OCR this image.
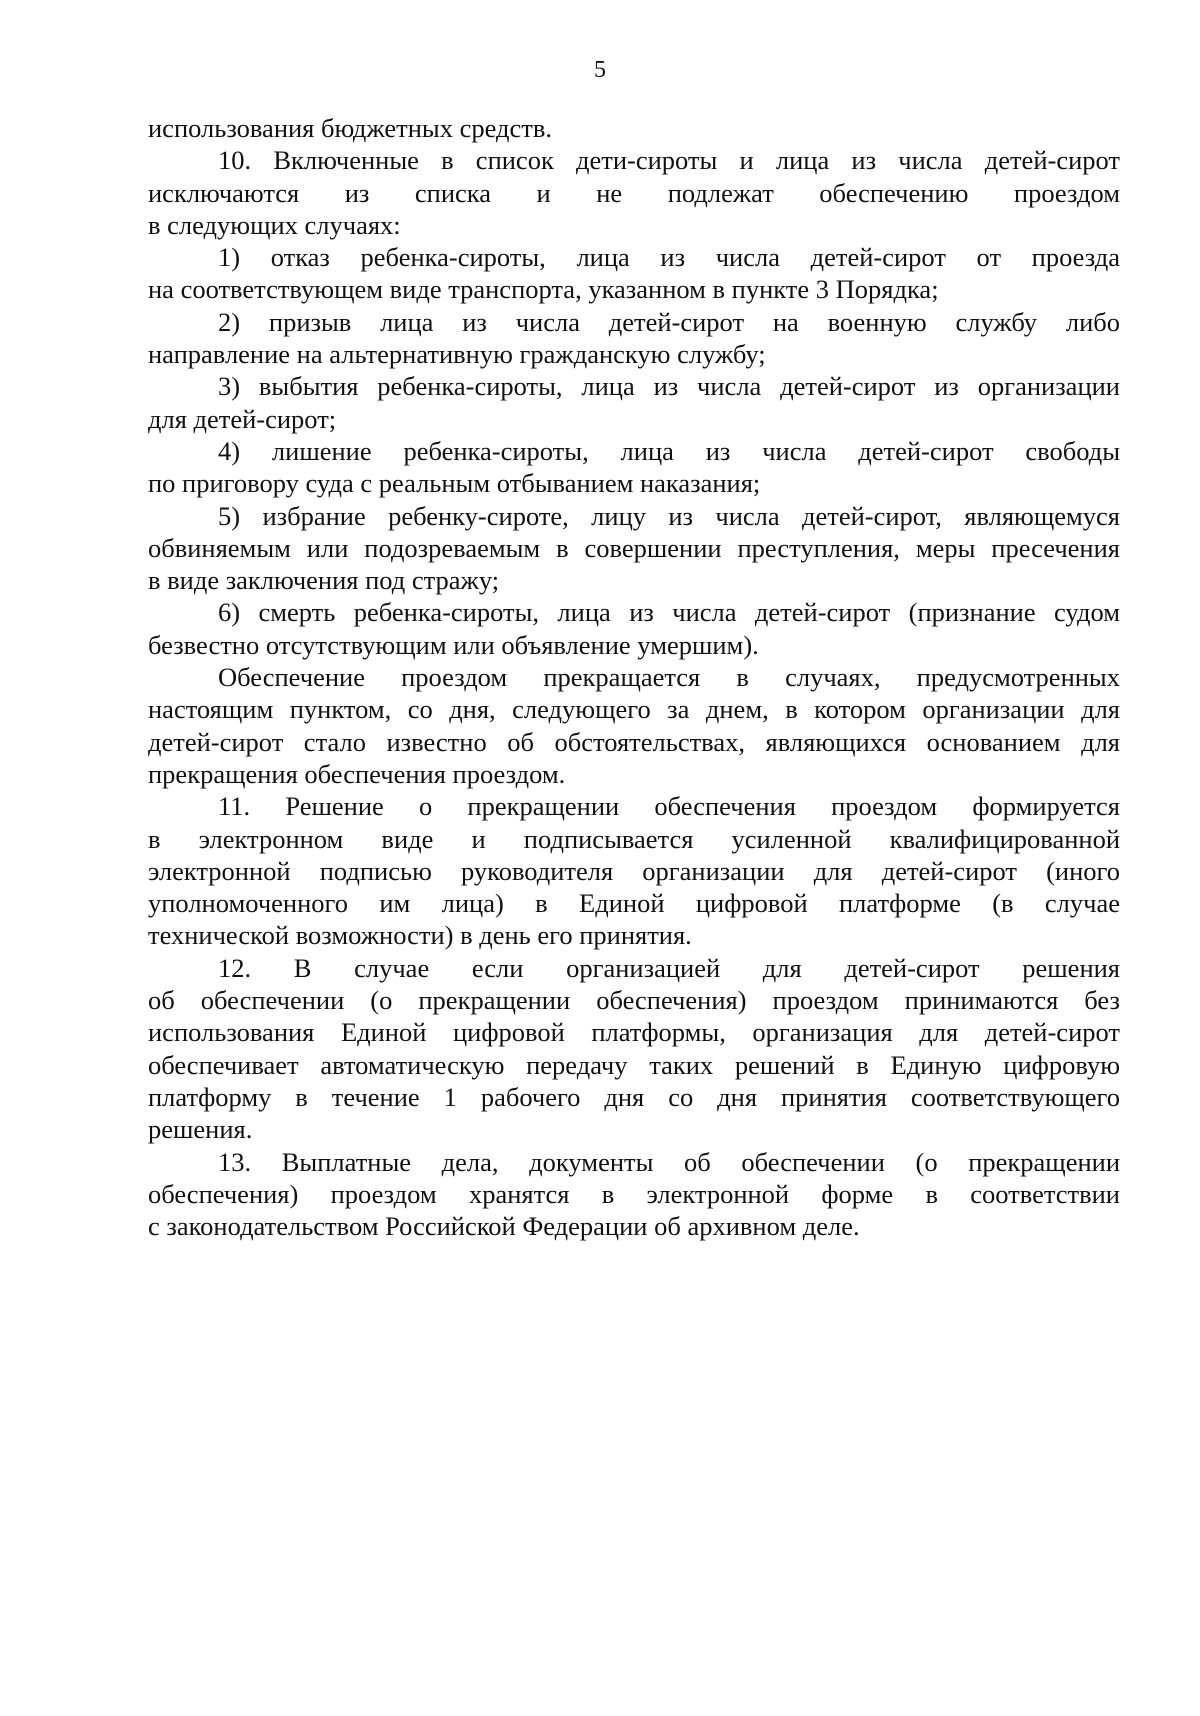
5

использования бюджетных средств.

10. Включенные в список дети-сироты и лица из числа детей-сирот
исключаются из списка и не подлежат обеспечению проездом
в следующих случаях:

1) отказ ребенка-сироты, лица из числа детей-сирот от проезда
на соответствующем виде транспорта, указанном в пункте 3 Порядка;

2) призыв лица из числа детей-сирот на военную службу либо
направление на альтернативную гражданскую службу;

3) выбытия ребенка-сироты, лица из числа детей-сирот из организации
для детей-сирот;

4) лишение ребенка-сироты, лица из числа детей-сирот свободы
по приговору суда с реальным отбыванием наказания;

5) избрание ребенку-сироте, лицу из числа детей-сирот, являющемуся
обвиняемым или подозреваемым в совершении преступления, меры пресечения
в виде заключения под стражу;

6) смерть ребенка-сироты, лица из числа детей-сирот (признание судом
безвестно отсутствующим или объявление умершим).

Обеспечение проездом прекращается в случаях, предусмотренных
настоящим пунктом, со дня, следующего за днем, в котором организации для
детей-сирот стало известно об обстоятельствах, являющихся основанием для
прекращения обеспечения проездом.

11. Решение о прекращении обеспечения проездом формируется
в электронном виде и подписывается усиленной квалифицированной
электронной подписью руководителя организации для детей-сирот (иного
уполномоченного им лица) в Единой цифровой платформе (в случае
технической возможности) в день его принятия.

12. В случае если организацией для детей-сирот решения
об обеспечении (о прекращении обеспечения) проездом принимаются без
использования Единой цифровой платформы, организация для детей-сирот
обеспечивает автоматическую передачу таких решений в Единую цифровую
платформу в течение 1 рабочего дня со дня принятия соответствующего
решения.

13. Выплатные дела, документы об обеспечении (о прекращении
обеспечения) проездом хранятся в электронной форме в соответствии
с законодательством Российской Федерации об архивном деле.
